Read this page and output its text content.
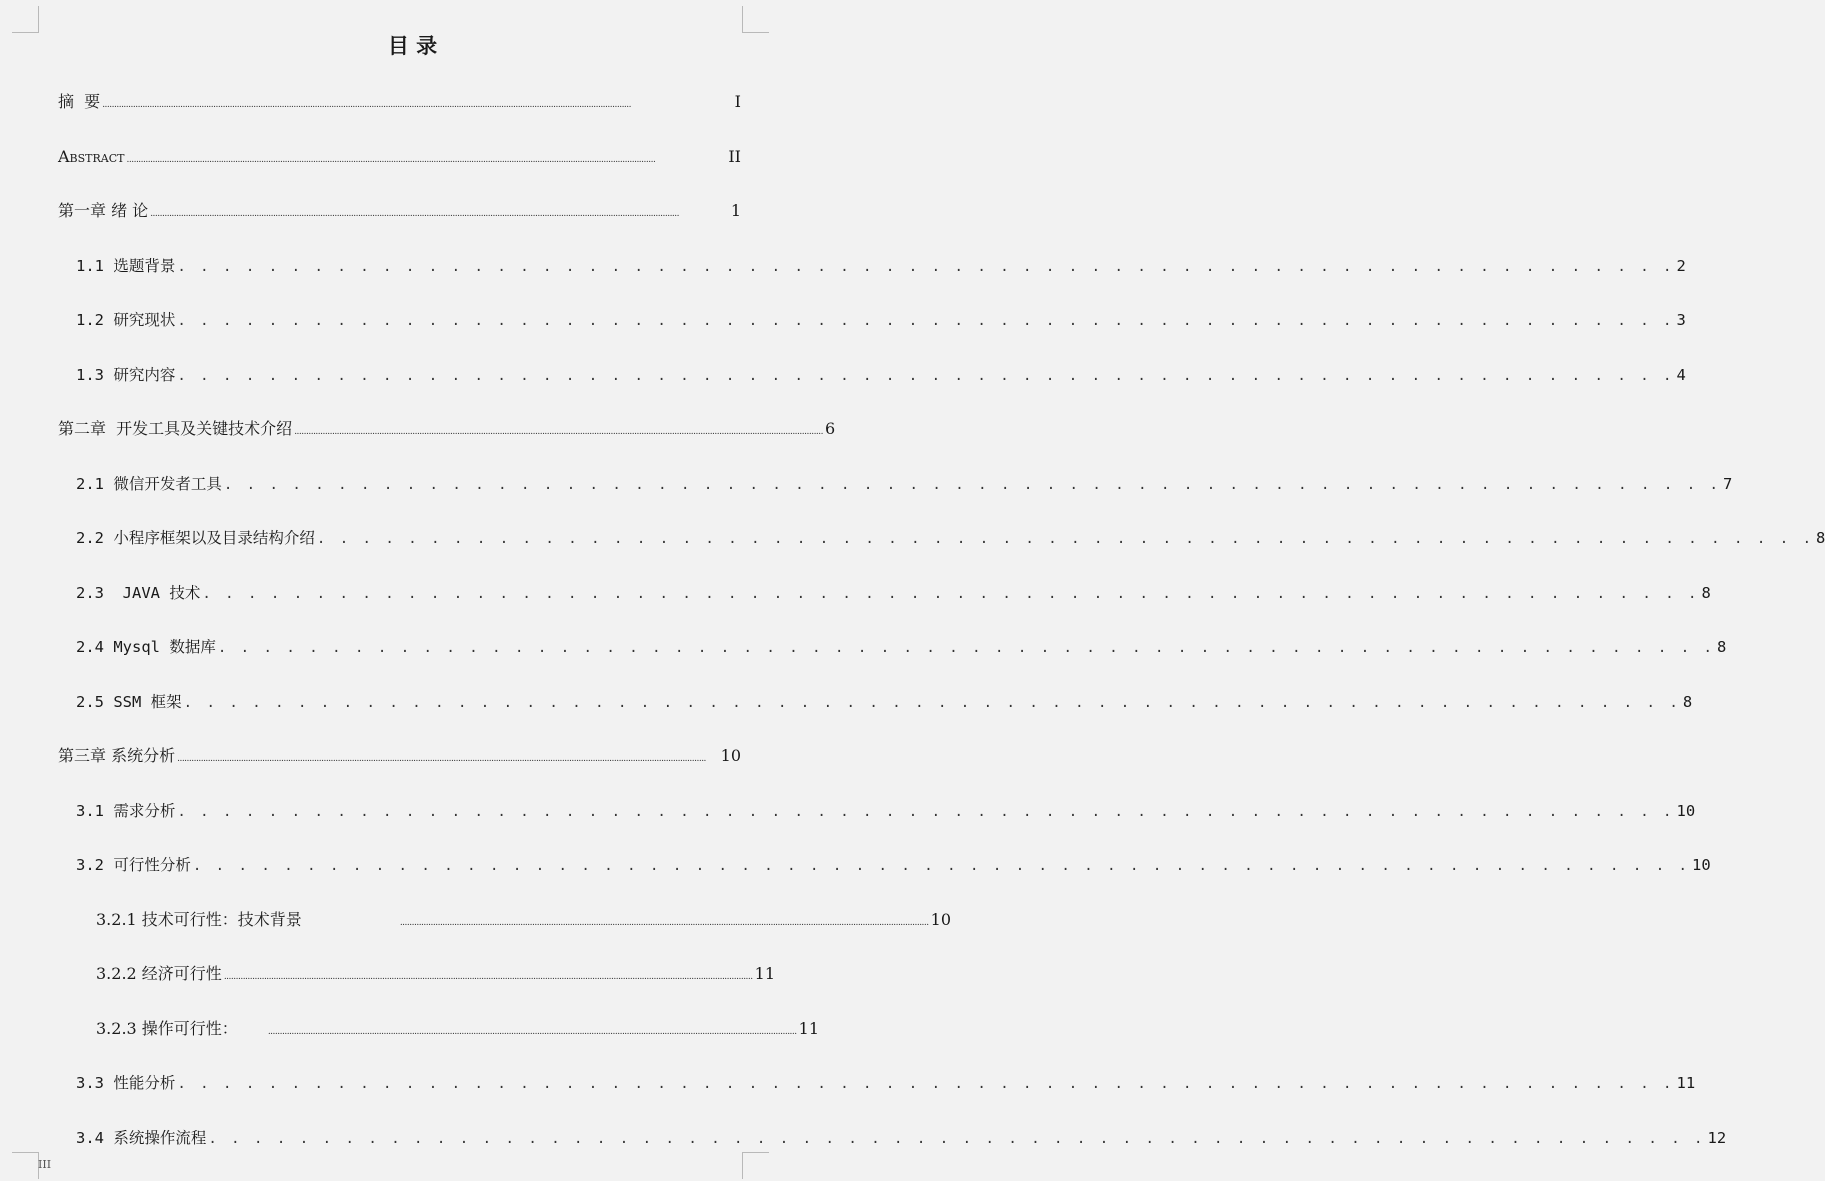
目 录
摘  要 ................................................................................................................................................................................................................................	I
Abstract ................................................................................................................................................................................................................................	II
第一章 绪 论 ................................................................................................................................................................................................................................	1
1.1 选题背景 . . . . . . . . . . . . . . . . . . . . . . . . . . . . . . . . . . . . . . . . . . . . . . . . . . . . . . . . . . . . . . . . . . 2
1.2 研究现状 . . . . . . . . . . . . . . . . . . . . . . . . . . . . . . . . . . . . . . . . . . . . . . . . . . . . . . . . . . . . . . . . . . 3
1.3 研究内容 . . . . . . . . . . . . . . . . . . . . . . . . . . . . . . . . . . . . . . . . . . . . . . . . . . . . . . . . . . . . . . . . . . 4
第二章  开发工具及关键技术介绍 ................................................................................................................................................................................................................................ 6
2.1 微信开发者工具 . . . . . . . . . . . . . . . . . . . . . . . . . . . . . . . . . . . . . . . . . . . . . . . . . . . . . . . . . . . . . . . . . . 7
2.2 小程序框架以及目录结构介绍 . . . . . . . . . . . . . . . . . . . . . . . . . . . . . . . . . . . . . . . . . . . . . . . . . . . . . . . . . . . . . . . . . . 8
2.3  JAVA 技术 . . . . . . . . . . . . . . . . . . . . . . . . . . . . . . . . . . . . . . . . . . . . . . . . . . . . . . . . . . . . . . . . . . 8
2.4 Mysql 数据库 . . . . . . . . . . . . . . . . . . . . . . . . . . . . . . . . . . . . . . . . . . . . . . . . . . . . . . . . . . . . . . . . . . 8
2.5 SSM 框架 . . . . . . . . . . . . . . . . . . . . . . . . . . . . . . . . . . . . . . . . . . . . . . . . . . . . . . . . . . . . . . . . . . 8
第三章 系统分析 ................................................................................................................................................................................................................................ 10
3.1 需求分析 . . . . . . . . . . . . . . . . . . . . . . . . . . . . . . . . . . . . . . . . . . . . . . . . . . . . . . . . . . . . . . . . . . 10
3.2 可行性分析 . . . . . . . . . . . . . . . . . . . . . . . . . . . . . . . . . . . . . . . . . . . . . . . . . . . . . . . . . . . . . . . . . . 10
3.2.1 技术可行性：技术背景	................................................................................................................................................................................................................................ 10
3.2.2 经济可行性 ................................................................................................................................................................................................................................ 11
3.2.3 操作可行性：	................................................................................................................................................................................................................................ 11
3.3 性能分析 . . . . . . . . . . . . . . . . . . . . . . . . . . . . . . . . . . . . . . . . . . . . . . . . . . . . . . . . . . . . . . . . . . 11
3.4 系统操作流程 . . . . . . . . . . . . . . . . . . . . . . . . . . . . . . . . . . . . . . . . . . . . . . . . . . . . . . . . . . . . . . . . . . 12
III
